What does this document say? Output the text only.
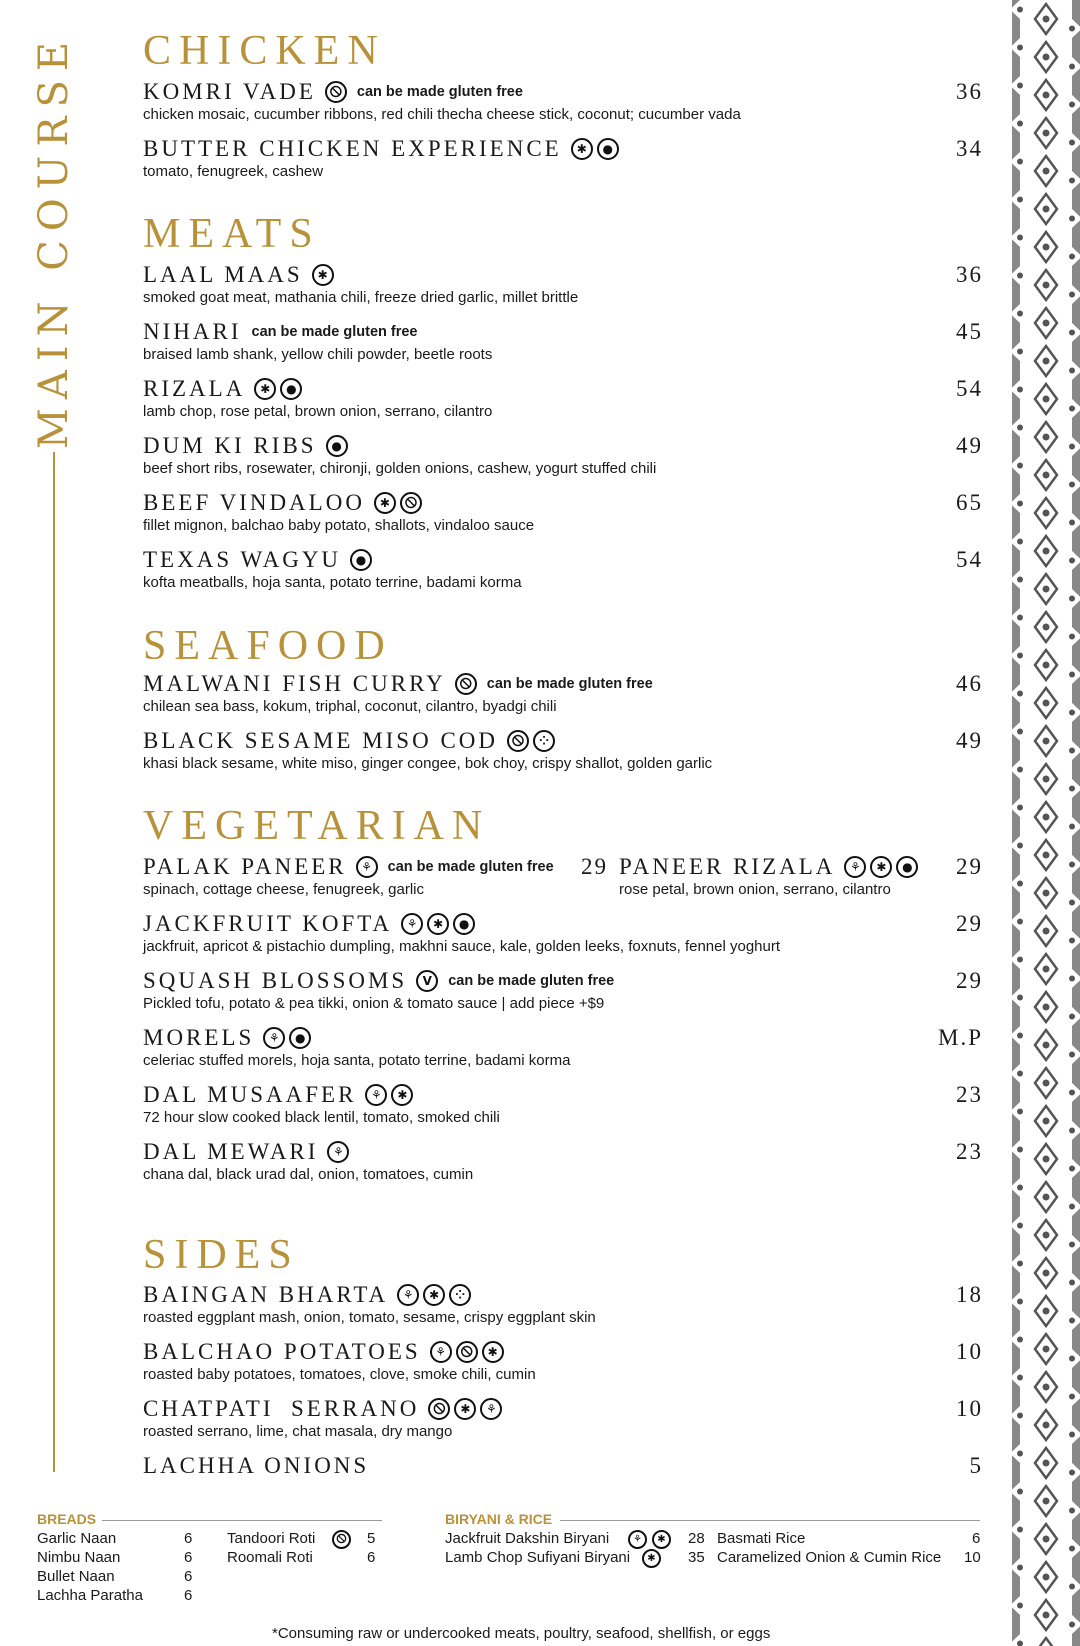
MAIN COURSE CHICKEN
KOMRI VADE	🛇	can be made gluten free	36
chicken mosaic, cucumber ribbons, red chili thecha cheese stick, coconut; cucumber vada
BUTTER CHICKEN EXPERIENCE	✱	●	34
tomato, fenugreek, cashew
MEATS
LAAL MAAS	✱	36
smoked goat meat, mathania chili, freeze dried garlic, millet brittle
NIHARI can be made gluten free	45
braised lamb shank, yellow chili powder, beetle roots
RIZALA	✱	●	54
lamb chop, rose petal, brown onion, serrano, cilantro
DUM KI RIBS	●	49
beef short ribs, rosewater, chironji, golden onions, cashew, yogurt stuffed chili
BEEF VINDALOO	✱	🛇	65
fillet mignon, balchao baby potato, shallots, vindaloo sauce
TEXAS WAGYU	●	54
kofta meatballs, hoja santa, potato terrine, badami korma
SEAFOOD
MALWANI FISH CURRY	🛇	can be made gluten free	46
chilean sea bass, kokum, triphal, coconut, cilantro, byadgi chili
BLACK SESAME MISO COD	🛇	⁘	49
khasi black sesame, white miso, ginger congee, bok choy, crispy shallot, golden garlic
VEGETARIAN
PALAK PANEER	⚘	can be made gluten free 29
spinach, cottage cheese, fenugreek, garlic
PANEER RIZALA	⚘	✱	● 29
rose petal, brown onion, serrano, cilantro
JACKFRUIT KOFTA	⚘	✱	●	29
jackfruit, apricot & pistachio dumpling, makhni sauce, kale, golden leeks, foxnuts, fennel yoghurt
SQUASH BLOSSOMS	V	can be made gluten free	29
Pickled tofu, potato & pea tikki, onion & tomato sauce | add piece +$9
MORELS	⚘	●	M.P
celeriac stuffed morels, hoja santa, potato terrine, badami korma
DAL MUSAAFER	⚘	✱	23
72 hour slow cooked black lentil, tomato, smoked chili
DAL MEWARI	⚘	23
chana dal, black urad dal, onion, tomatoes, cumin
SIDES
BAINGAN BHARTA	⚘	✱	⁘	18
roasted eggplant mash, onion, tomato, sesame, crispy eggplant skin
BALCHAO POTATOES	⚘	🛇	✱	10
roasted baby potatoes, tomatoes, clove, smoke chili, cumin
CHATPATI  SERRANO	🛇	✱	⚘	10
roasted serrano, lime, chat masala, dry mango
LACHHA ONIONS	5
BREADS
Garlic Naan	6
Nimbu Naan	6
Bullet Naan	6
Lachha Paratha	6
Tandoori Roti	🛇 5
Roomali Roti	6
BIRYANI & RICE
Jackfruit Dakshin Biryani	⚘	✱	28
Lamb Chop Sufiyani Biryani	✱	35
Basmati Rice	6
Caramelized Onion & Cumin Rice 10
*Consuming raw or undercooked meats, poultry, seafood, shellfish, or eggs
